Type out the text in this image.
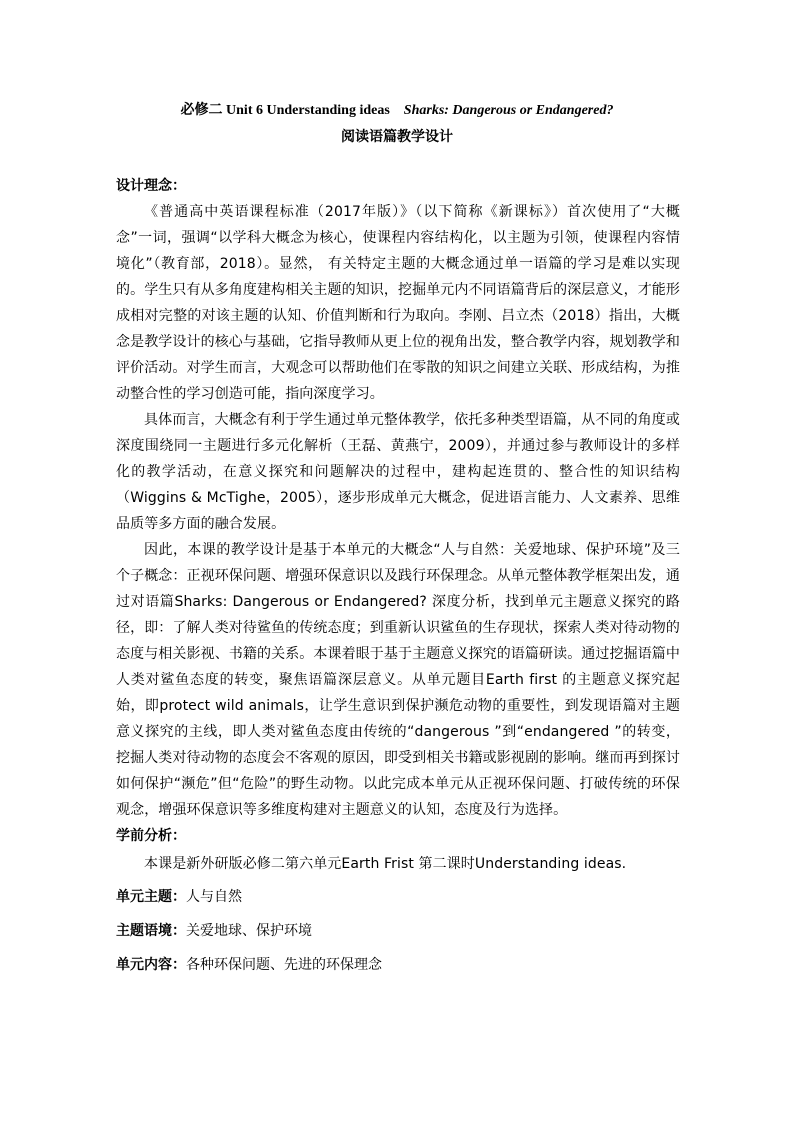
必修二 Unit 6 Understanding ideas Sharks: Dangerous or Endangered?
阅读语篇教学设计
设计理念：

《普通高中英语课程标准（2017年版）》（以下简称《新课标》）首次使用了“大概念”一词，强调“以学科大概念为核心，使课程内容结构化，以主题为引领，使课程内容情境化”（教育部，2018）。显然， 有关特定主题的大概念通过单一语篇的学习是难以实现的。学生只有从多角度建构相关主题的知识，挖掘单元内不同语篇背后的深层意义，才能形成相对完整的对该主题的认知、价值判断和行为取向。李刚、吕立杰（2018）指出，大概念是教学设计的核心与基础，它指导教师从更上位的视角出发，整合教学内容，规划教学和评价活动。对学生而言，大观念可以帮助他们在零散的知识之间建立关联、形成结构，为推动整合性的学习创造可能，指向深度学习。

具体而言，大概念有利于学生通过单元整体教学，依托多种类型语篇，从不同的角度或深度围绕同一主题进行多元化解析（王磊、黄燕宁，2009），并通过参与教师设计的多样化的教学活动，在意义探究和问题解决的过程中，建构起连贯的、整合性的知识结构（Wiggins & McTighe，2005），逐步形成单元大概念，促进语言能力、人文素养、思维品质等多方面的融合发展。

因此，本课的教学设计是基于本单元的大概念“人与自然：关爱地球、保护环境”及三个子概念：正视环保问题、增强环保意识以及践行环保理念。从单元整体教学框架出发，通过对语篇Sharks: Dangerous or Endangered? 深度分析，找到单元主题意义探究的路径，即：了解人类对待鲨鱼的传统态度；到重新认识鲨鱼的生存现状，探索人类对待动物的态度与相关影视、书籍的关系。本课着眼于基于主题意义探究的语篇研读。通过挖掘语篇中人类对鲨鱼态度的转变，聚焦语篇深层意义。从单元题目Earth first 的主题意义探究起始，即protect wild animals，让学生意识到保护濒危动物的重要性，到发现语篇对主题意义探究的主线，即人类对鲨鱼态度由传统的“dangerous ”到“endangered ”的转变，挖掘人类对待动物的态度会不客观的原因，即受到相关书籍或影视剧的影响。继而再到探讨如何保护“濒危”但“危险”的野生动物。以此完成本单元从正视环保问题、打破传统的环保观念，增强环保意识等多维度构建对主题意义的认知，态度及行为选择。

学前分析：

本课是新外研版必修二第六单元Earth Frist 第二课时Understanding ideas.

单元主题：人与自然
主题语境：关爱地球、保护环境
单元内容：各种环保问题、先进的环保理念
